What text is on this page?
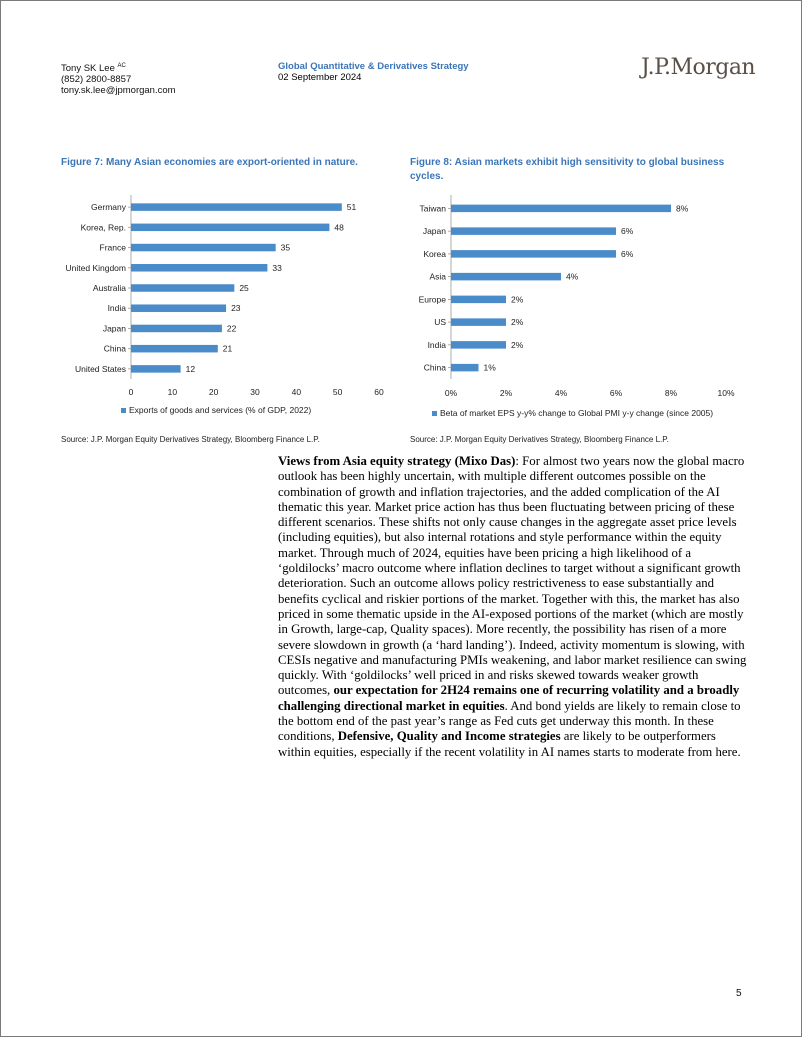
Tony SK Lee $^{AC}$
(852) 2800-8857
tony.sk.lee@jpmorgan.com
Global Quantitative & Derivatives Strategy
02 September 2024	J.P.Morgan
Figure 7: Many Asian economies are export-oriented in nature.	Figure 8: Asian markets exhibit high sensitivity to global business cycles.
Germany	51
Korea, Rep.	48
France	35
United Kingdom	33
Australia	25
India	23
Japan	22
China	21
United States	12
0	10	20	30	40	50	60
Exports of goods and services (% of GDP, 2022)
Taiwan	8%
Japan	6%
Korea	6%
Asia	4%
Europe	2%
US	2%
India	2%
China	1%
0%	2%	4%	6%	8%	10%
Beta of market EPS y-y% change to Global PMI y-y change (since 2005)
Source: J.P. Morgan Equity Derivatives Strategy, Bloomberg Finance L.P.	Source: J.P. Morgan Equity Derivatives Strategy, Bloomberg Finance L.P.
Views from Asia equity strategy (Mixo Das): For almost two years now the global macro outlook has been highly uncertain, with multiple different outcomes possible on the combination of growth and inflation trajectories, and the added complication of the AI thematic this year. Market price action has thus been fluctuating between pricing of these different scenarios. These shifts not only cause changes in the aggregate asset price levels (including equities), but also internal rotations and style performance within the equity market. Through much of 2024, equities have been pricing a high likelihood of a ‘goldilocks’ macro outcome where inflation declines to target without a significant growth deterioration. Such an outcome allows policy restrictiveness to ease substantially and benefits cyclical and riskier portions of the market. Together with this, the market has also priced in some thematic upside in the AI-exposed portions of the market (which are mostly in Growth, large-cap, Quality spaces). More recently, the possibility has risen of a more severe slowdown in growth (a ‘hard landing’). Indeed, activity momentum is slowing, with CESIs negative and manufacturing PMIs weakening, and labor market resilience can swing quickly. With ‘goldilocks’ well priced in and risks skewed towards weaker growth outcomes, our expectation for 2H24 remains one of recurring volatility and a broadly challenging directional market in equities. And bond yields are likely to remain close to the bottom end of the past year’s range as Fed cuts get underway this month. In these conditions, Defensive, Quality and Income strategies are likely to be outperformers within equities, especially if the recent volatility in AI names starts to moderate from here.
5
